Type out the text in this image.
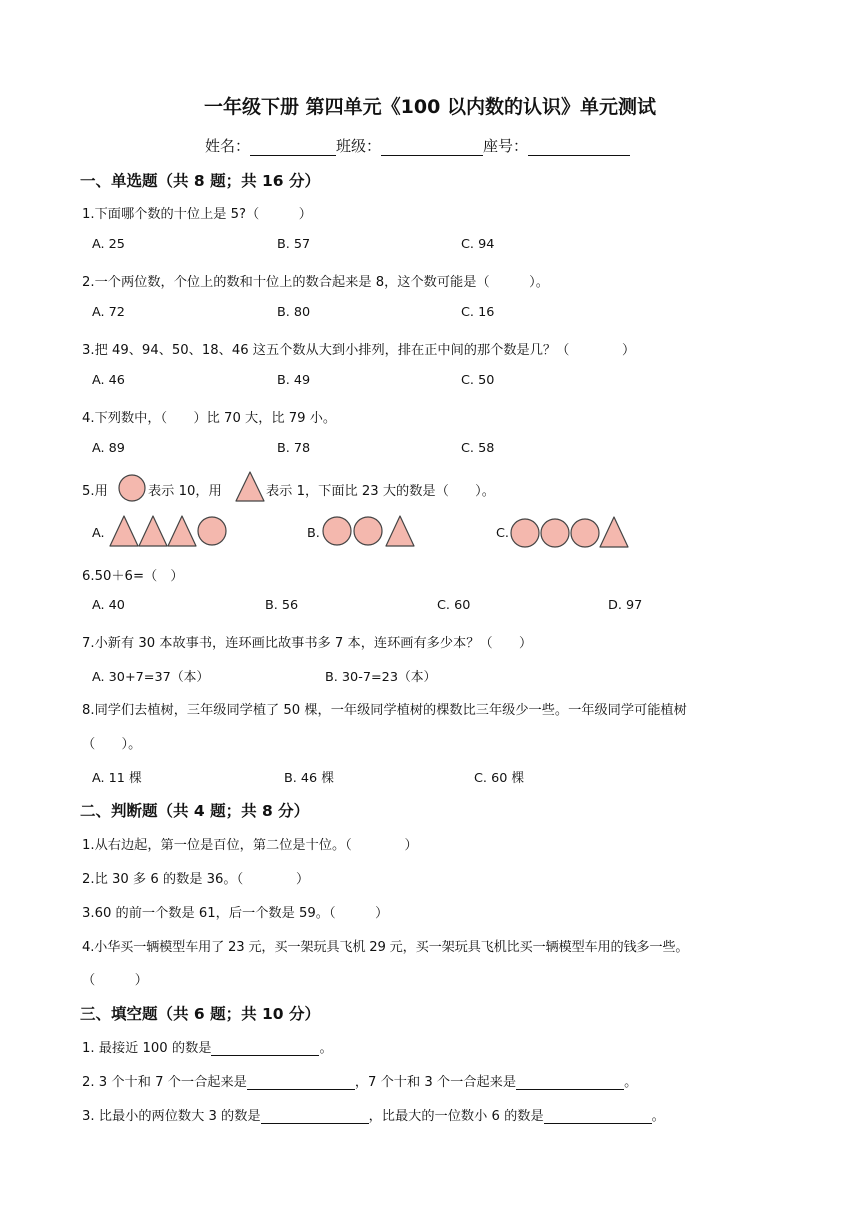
一年级下册 第四单元《100 以内数的认识》单元测试
姓名：	班级：	座号：
一、单选题（共 8 题；共 16 分）
1.下面哪个数的十位上是 5?（　　　）
A. 25	B. 57	C. 94
2.一个两位数，个位上的数和十位上的数合起来是 8，这个数可能是（　　　）。
A. 72	B. 80	C. 16
3.把 49、94、50、18、46 这五个数从大到小排列，排在正中间的那个数是几？（　　　　）
A. 46	B. 49	C. 50
4.下列数中，（　　）比 70 大，比 79 小。
A. 89	B. 78	C. 58
5.用	表示 10，用	表示 1，下面比 23 大的数是（　　）。
A.	B.	C.
6.50＋6=（　）
A. 40	B. 56	C. 60	D. 97
7.小新有 30 本故事书，连环画比故事书多 7 本，连环画有多少本？（　　）
A. 30+7=37（本）	B. 30-7=23（本）
8.同学们去植树，三年级同学植了 50 棵，一年级同学植树的棵数比三年级少一些。一年级同学可能植树
（　　）。
A. 11 棵	B. 46 棵	C. 60 棵
二、判断题（共 4 题；共 8 分）
1.从右边起，第一位是百位，第二位是十位。（　　　　）
2.比 30 多 6 的数是 36。（　　　　）
3.60 的前一个数是 61，后一个数是 59。（　　　）
4.小华买一辆模型车用了 23 元，买一架玩具飞机 29 元，买一架玩具飞机比买一辆模型车用的钱多一些。
（　　　）
三、填空题（共 6 题；共 10 分）
1. 最接近 100 的数是	。
2. 3 个十和 7 个一合起来是	，7 个十和 3 个一合起来是	。
3. 比最小的两位数大 3 的数是	，比最大的一位数小 6 的数是	。
